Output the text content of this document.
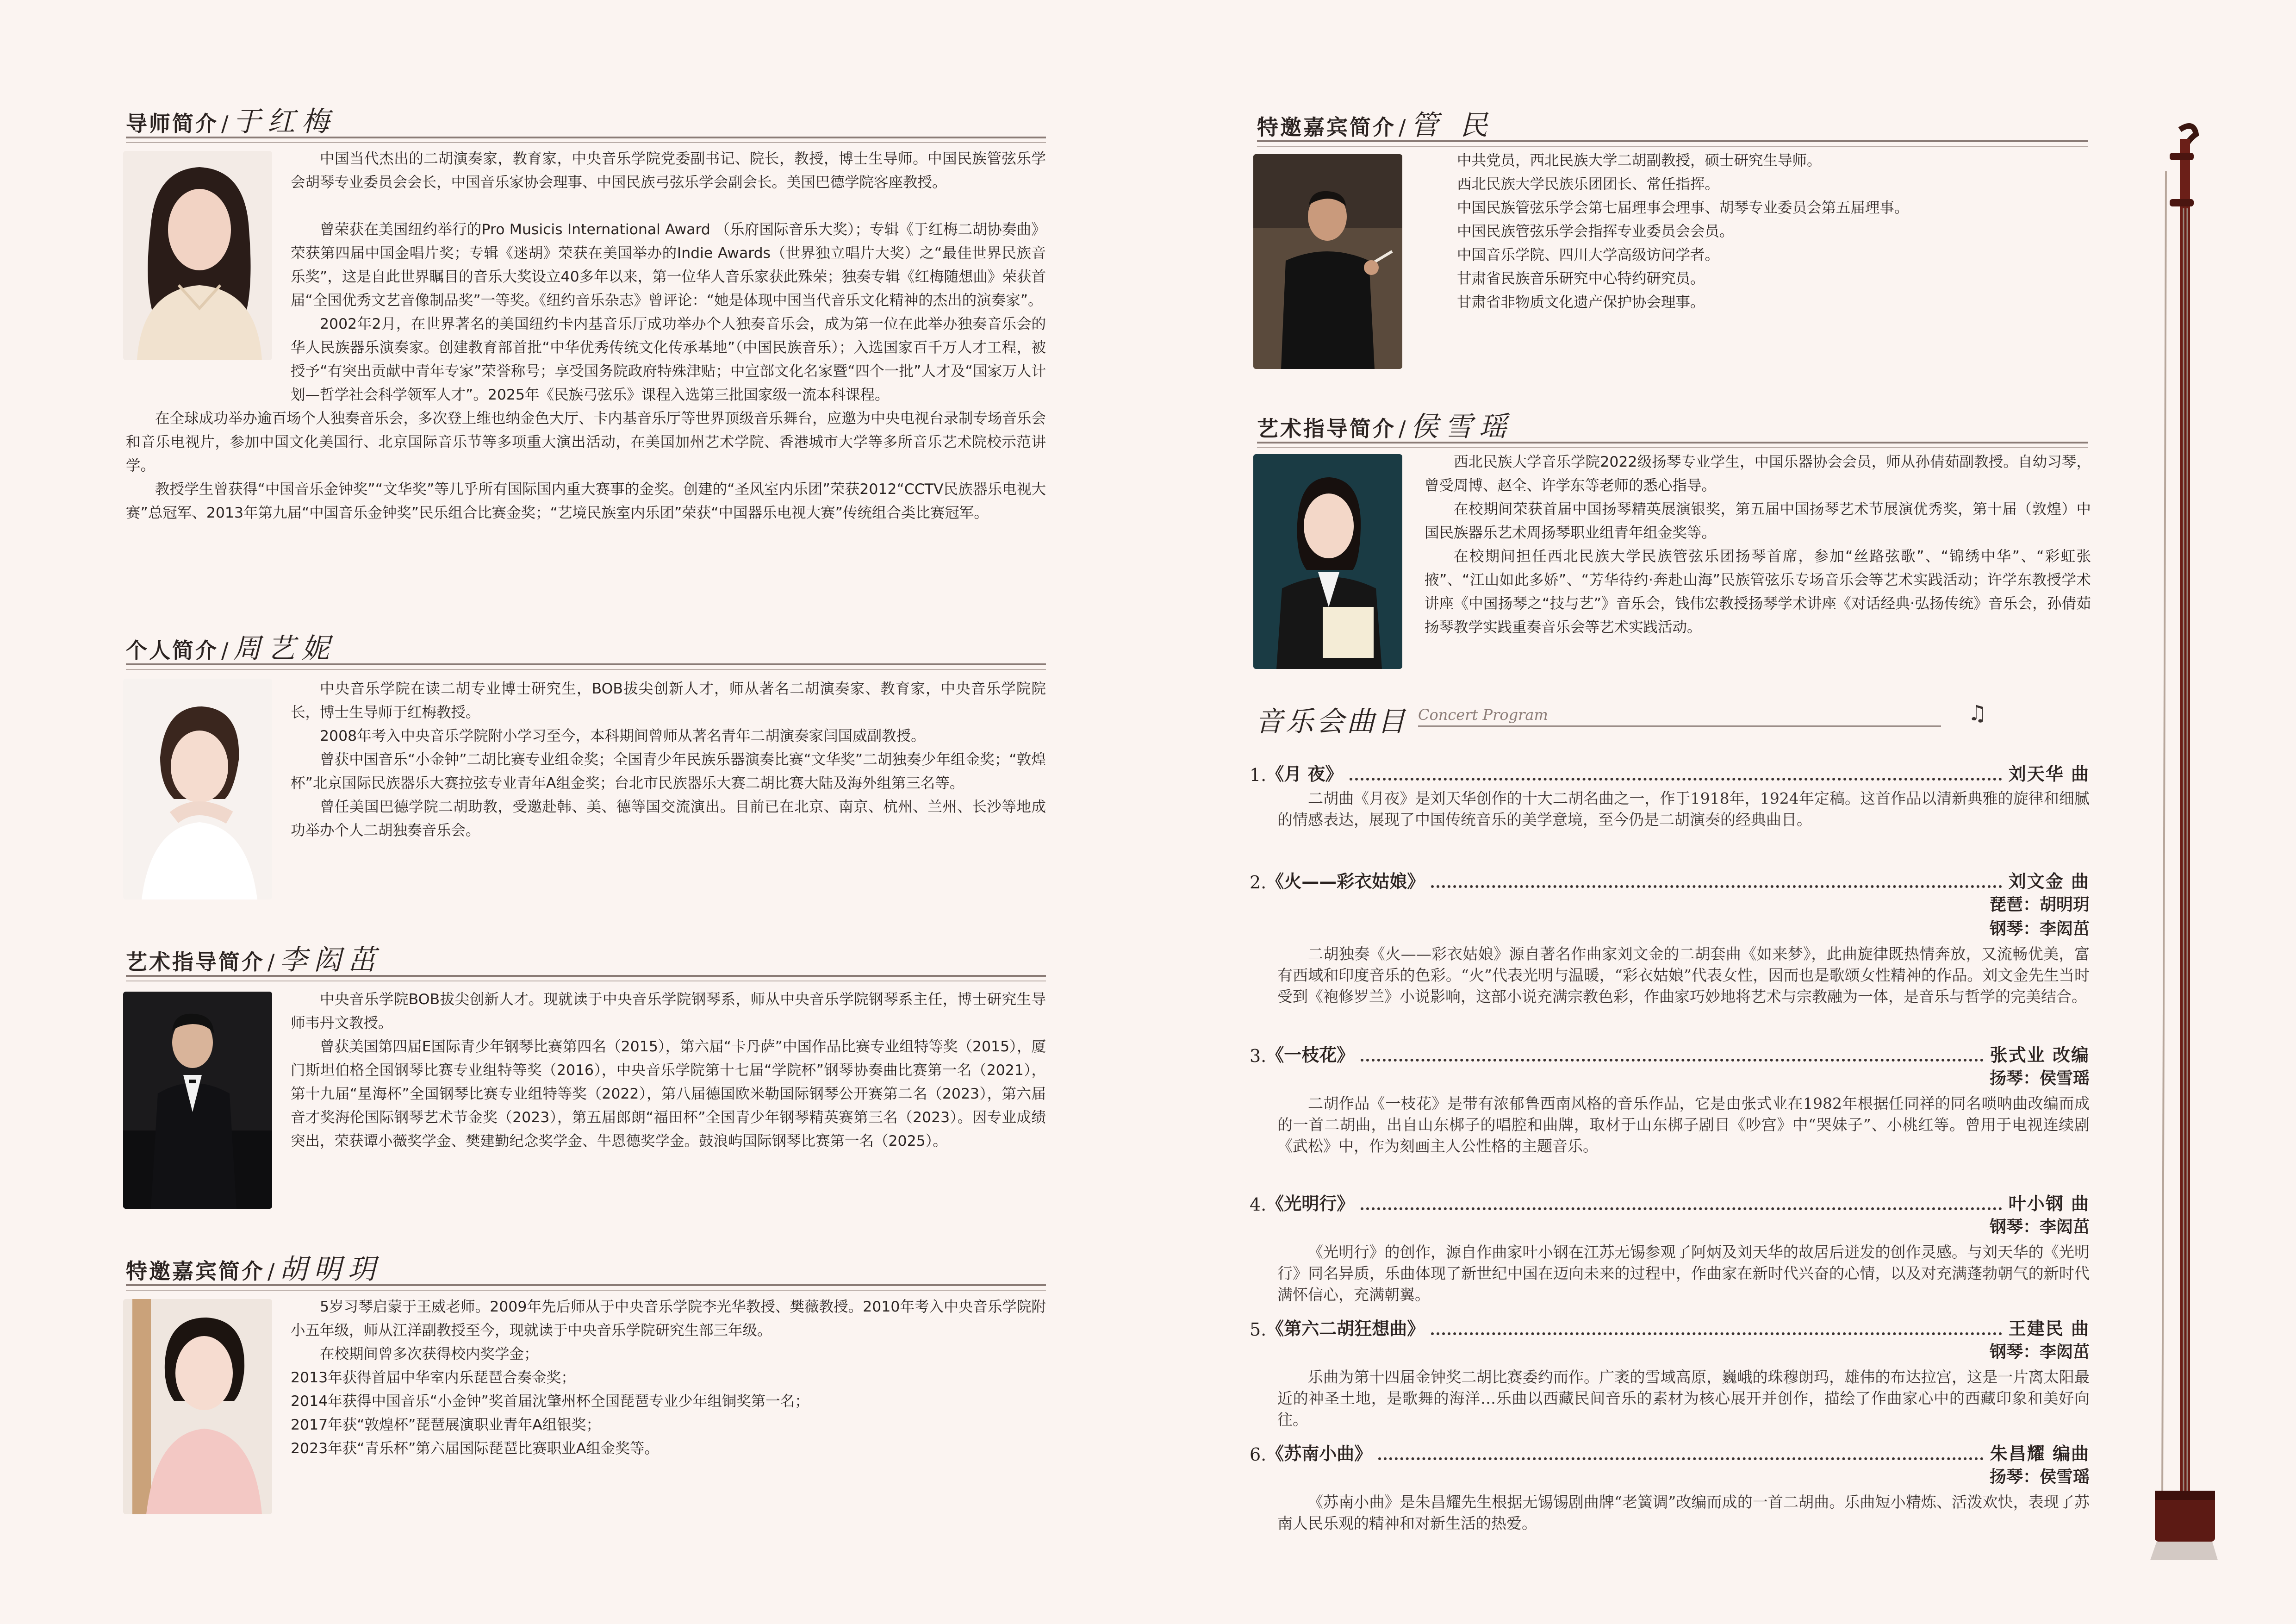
导师简介 / 于红梅

中国当代杰出的二胡演奏家，教育家，中央音乐学院党委副书记、院长，教授，博士生导师。中国民族管弦乐学会胡琴专业委员会会长，中国音乐家协会理事、中国民族弓弦乐学会副会长。美国巴德学院客座教授。

曾荣获在美国纽约举行的Pro Musicis International Award （乐府国际音乐大奖）；专辑《于红梅二胡协奏曲》荣获第四届中国金唱片奖；专辑《迷胡》荣获在美国举办的Indie Awards（世界独立唱片大奖）之“最佳世界民族音乐奖”，这是自此世界瞩目的音乐大奖设立40多年以来，第一位华人音乐家获此殊荣；独奏专辑《红梅随想曲》荣获首届“全国优秀文艺音像制品奖”一等奖。《纽约音乐杂志》曾评论：“她是体现中国当代音乐文化精神的杰出的演奏家”。

2002年2月，在世界著名的美国纽约卡内基音乐厅成功举办个人独奏音乐会，成为第一位在此举办独奏音乐会的华人民族器乐演奏家。创建教育部首批“中华优秀传统文化传承基地”（中国民族音乐）；入选国家百千万人才工程，被授予“有突出贡献中青年专家”荣誉称号；享受国务院政府特殊津贴；中宣部文化名家暨“四个一批”人才及“国家万人计划—哲学社会科学领军人才”。2025年《民族弓弦乐》课程入选第三批国家级一流本科课程。

在全球成功举办逾百场个人独奏音乐会，多次登上维也纳金色大厅、卡内基音乐厅等世界顶级音乐舞台，应邀为中央电视台录制专场音乐会和音乐电视片，参加中国文化美国行、北京国际音乐节等多项重大演出活动，在美国加州艺术学院、香港城市大学等多所音乐艺术院校示范讲学。

教授学生曾获得“中国音乐金钟奖”“文华奖”等几乎所有国际国内重大赛事的金奖。创建的“圣风室内乐团”荣获2012“CCTV民族器乐电视大赛”总冠军、2013年第九届“中国音乐金钟奖”民乐组合比赛金奖；“艺境民族室内乐团”荣获“中国器乐电视大赛”传统组合类比赛冠军。

个人简介 / 周艺妮

中央音乐学院在读二胡专业博士研究生，BOB拔尖创新人才，师从著名二胡演奏家、教育家，中央音乐学院院长，博士生导师于红梅教授。

2008年考入中央音乐学院附小学习至今，本科期间曾师从著名青年二胡演奏家闫国威副教授。

曾获中国音乐“小金钟”二胡比赛专业组金奖；全国青少年民族乐器演奏比赛“文华奖”二胡独奏少年组金奖；“敦煌杯”北京国际民族器乐大赛拉弦专业青年A组金奖；台北市民族器乐大赛二胡比赛大陆及海外组第三名等。

曾任美国巴德学院二胡助教，受邀赴韩、美、德等国交流演出。目前已在北京、南京、杭州、兰州、长沙等地成功举办个人二胡独奏音乐会。

艺术指导简介 / 李闳茁

中央音乐学院BOB拔尖创新人才。现就读于中央音乐学院钢琴系，师从中央音乐学院钢琴系主任，博士研究生导师韦丹文教授。

曾获美国第四届E国际青少年钢琴比赛第四名（2015），第六届“卡丹萨”中国作品比赛专业组特等奖（2015），厦门斯坦伯格全国钢琴比赛专业组特等奖（2016），中央音乐学院第十七届“学院杯”钢琴协奏曲比赛第一名（2021），第十九届“星海杯”全国钢琴比赛专业组特等奖（2022），第八届德国欧米勒国际钢琴公开赛第二名（2023），第六届音才奖海伦国际钢琴艺术节金奖（2023），第五届郎朗“福田杯”全国青少年钢琴精英赛第三名（2023）。因专业成绩突出，荣获谭小薇奖学金、樊建勤纪念奖学金、牛恩德奖学金。鼓浪屿国际钢琴比赛第一名（2025）。

特邀嘉宾简介 / 胡明玥

5岁习琴启蒙于王威老师。2009年先后师从于中央音乐学院李光华教授、樊薇教授。2010年考入中央音乐学院附小五年级，师从江洋副教授至今，现就读于中央音乐学院研究生部三年级。

在校期间曾多次获得校内奖学金；

2013年获得首届中华室内乐琵琶合奏金奖；

2014年获得中国音乐“小金钟”奖首届沈肇州杯全国琵琶专业少年组铜奖第一名；

2017年获“敦煌杯”琵琶展演职业青年A组银奖；

2023年获“青乐杯”第六届国际琵琶比赛职业A组金奖等。

特邀嘉宾简介 / 管 民

中共党员，西北民族大学二胡副教授，硕士研究生导师。

西北民族大学民族乐团团长、常任指挥。

中国民族管弦乐学会第七届理事会理事、胡琴专业委员会第五届理事。

中国民族管弦乐学会指挥专业委员会会员。

中国音乐学院、四川大学高级访问学者。

甘肃省民族音乐研究中心特约研究员。

甘肃省非物质文化遗产保护协会理事。

艺术指导简介 / 侯雪瑶

西北民族大学音乐学院2022级扬琴专业学生，中国乐器协会会员，师从孙倩茹副教授。自幼习琴，曾受周博、赵全、许学东等老师的悉心指导。

在校期间荣获首届中国扬琴精英展演银奖，第五届中国扬琴艺术节展演优秀奖，第十届（敦煌）中国民族器乐艺术周扬琴职业组青年组金奖等。

在校期间担任西北民族大学民族管弦乐团扬琴首席，参加“丝路弦歌”、“锦绣中华”、“彩虹张掖”、“江山如此多娇”、“芳华待约·奔赴山海”民族管弦乐专场音乐会等艺术实践活动；许学东教授学术讲座《中国扬琴之“技与艺”》音乐会，钱伟宏教授扬琴学术讲座《对话经典·弘扬传统》音乐会，孙倩茹扬琴教学实践重奏音乐会等艺术实践活动。

音乐会曲目 Concert Program	♫
1. 《月 夜》	刘天华 曲
二胡曲《月夜》是刘天华创作的十大二胡名曲之一，作于1918年，1924年定稿。这首作品以清新典雅的旋律和细腻的情感表达，展现了中国传统音乐的美学意境，至今仍是二胡演奏的经典曲目。
2. 《火——彩衣姑娘》	刘文金 曲
琵琶：胡明玥
钢琴：李闳茁
二胡独奏《火——彩衣姑娘》源自著名作曲家刘文金的二胡套曲《如来梦》，此曲旋律既热情奔放，又流畅优美，富有西域和印度音乐的色彩。“火”代表光明与温暖，“彩衣姑娘”代表女性，因而也是歌颂女性精神的作品。刘文金先生当时受到《袍修罗兰》小说影响，这部小说充满宗教色彩，作曲家巧妙地将艺术与宗教融为一体，是音乐与哲学的完美结合。
3. 《一枝花》	张式业 改编
扬琴：侯雪瑶
二胡作品《一枝花》是带有浓郁鲁西南风格的音乐作品，它是由张式业在1982年根据任同祥的同名唢呐曲改编而成的一首二胡曲，出自山东梆子的唱腔和曲牌，取材于山东梆子剧目《吵宫》中“哭妹子”、小桃红等。曾用于电视连续剧《武松》中，作为刻画主人公性格的主题音乐。
4. 《光明行》	叶小钢 曲
钢琴：李闳茁
《光明行》的创作，源自作曲家叶小钢在江苏无锡参观了阿炳及刘天华的故居后迸发的创作灵感。与刘天华的《光明行》同名异质，乐曲体现了新世纪中国在迈向未来的过程中，作曲家在新时代兴奋的心情，以及对充满蓬勃朝气的新时代满怀信心，充满朝翼。
5. 《第六二胡狂想曲》	王建民 曲
钢琴：李闳茁
乐曲为第十四届金钟奖二胡比赛委约而作。广袤的雪域高原，巍峨的珠穆朗玛，雄伟的布达拉宫，这是一片离太阳最近的神圣土地，是歌舞的海洋…乐曲以西藏民间音乐的素材为核心展开并创作，描绘了作曲家心中的西藏印象和美好向往。
6. 《苏南小曲》	朱昌耀 编曲
扬琴：侯雪瑶
《苏南小曲》是朱昌耀先生根据无锡锡剧曲牌“老簧调”改编而成的一首二胡曲。乐曲短小精炼、活泼欢快，表现了苏南人民乐观的精神和对新生活的热爱。
